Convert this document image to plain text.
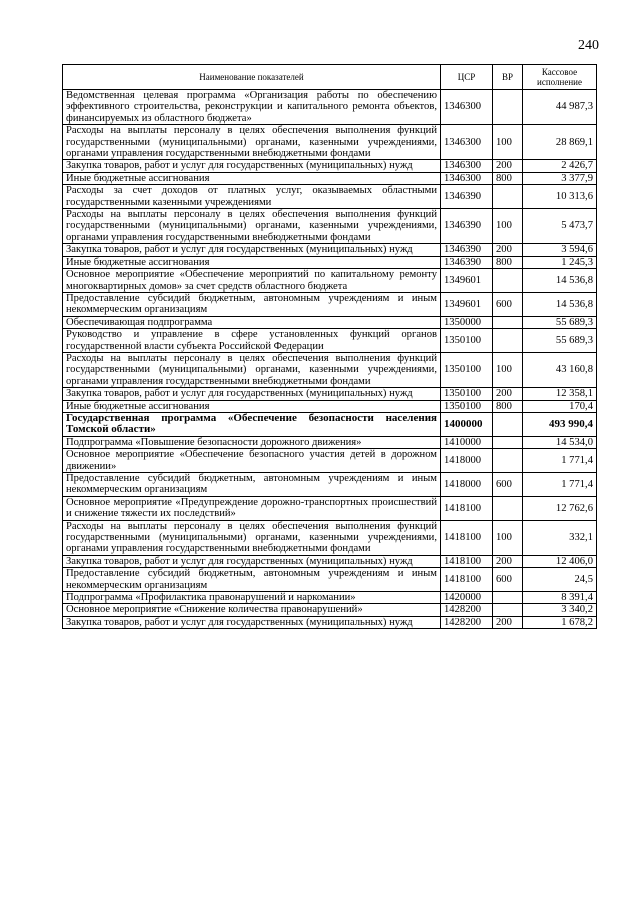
240
Наименование показателей	ЦСР	ВР	Кассовое исполнение
Ведомственная целевая программа «Организация работы по обеспечению эффективного строительства, реконструкции и капитального ремонта объектов, финансируемых из областного бюджета»	1346300		44 987,3
Расходы на выплаты персоналу в целях обеспечения выполнения функций государственными (муниципальными) органами, казенными учреждениями, органами управления государственными внебюджетными фондами	1346300	100	28 869,1
Закупка товаров, работ и услуг для государственных (муниципальных) нужд	1346300	200	2 426,7
Иные бюджетные ассигнования	1346300	800	3 377,9
Расходы за счет доходов от платных услуг, оказываемых областными государственными казенными учреждениями	1346390		10 313,6
Расходы на выплаты персоналу в целях обеспечения выполнения функций государственными (муниципальными) органами, казенными учреждениями, органами управления государственными внебюджетными фондами	1346390	100	5 473,7
Закупка товаров, работ и услуг для государственных (муниципальных) нужд	1346390	200	3 594,6
Иные бюджетные ассигнования	1346390	800	1 245,3
Основное мероприятие «Обеспечение мероприятий по капитальному ремонту многоквартирных домов» за счет средств областного бюджета	1349601		14 536,8
Предоставление субсидий бюджетным, автономным учреждениям и иным некоммерческим организациям	1349601	600	14 536,8
Обеспечивающая подпрограмма	1350000		55 689,3
Руководство и управление в сфере установленных функций органов государственной власти субъекта Российской Федерации	1350100		55 689,3
Расходы на выплаты персоналу в целях обеспечения выполнения функций государственными (муниципальными) органами, казенными учреждениями, органами управления государственными внебюджетными фондами	1350100	100	43 160,8
Закупка товаров, работ и услуг для государственных (муниципальных) нужд	1350100	200	12 358,1
Иные бюджетные ассигнования	1350100	800	170,4
Государственная программа «Обеспечение безопасности населения Томской области»	1400000		493 990,4
Подпрограмма «Повышение безопасности дорожного движения»	1410000		14 534,0
Основное мероприятие «Обеспечение безопасного участия детей в дорожном движении»	1418000		1 771,4
Предоставление субсидий бюджетным, автономным учреждениям и иным некоммерческим организациям	1418000	600	1 771,4
Основное мероприятие «Предупреждение дорожно-транспортных происшествий и снижение тяжести их последствий»	1418100		12 762,6
Расходы на выплаты персоналу в целях обеспечения выполнения функций государственными (муниципальными) органами, казенными учреждениями, органами управления государственными внебюджетными фондами	1418100	100	332,1
Закупка товаров, работ и услуг для государственных (муниципальных) нужд	1418100	200	12 406,0
Предоставление субсидий бюджетным, автономным учреждениям и иным некоммерческим организациям	1418100	600	24,5
Подпрограмма «Профилактика правонарушений и наркомании»	1420000		8 391,4
Основное мероприятие «Снижение количества правонарушений»	1428200		3 340,2
Закупка товаров, работ и услуг для государственных (муниципальных) нужд	1428200	200	1 678,2
